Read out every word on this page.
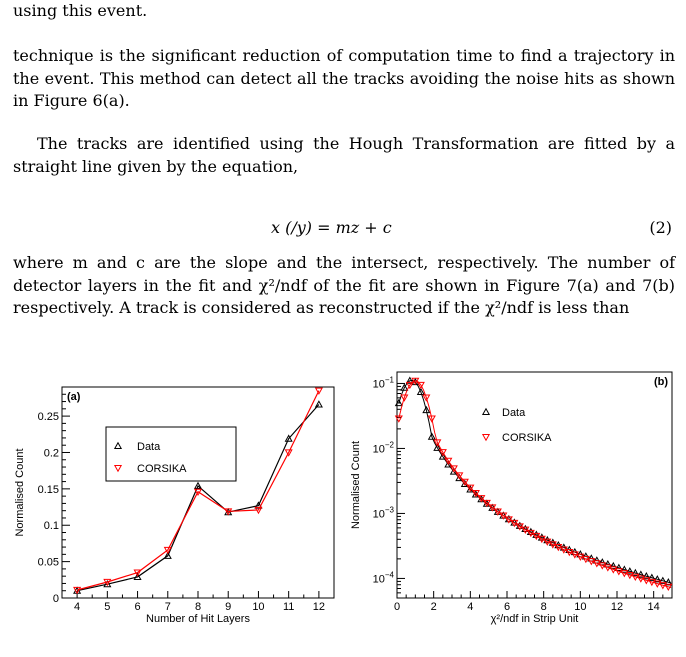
using this event.

technique is the significant reduction of computation time to find a trajectory in the event. This method can detect all the tracks avoiding the noise hits as shown in Figure 6(a).

The tracks are identified using the Hough Transformation are fitted by a straight line given by the equation,

x (/y) = mz + c	(2)

where m and c are the slope and the intersect, respectively. The number of detector layers in the fit and χ²/ndf of the fit are shown in Figure 7(a) and 7(b) respectively. A track is considered as reconstructed if the χ²/ndf is less than

4 5 6 7 8 9 10 11 12
0
0.05
0.1
0.15
0.2
0.25
(a)
Data
CORSIKA
Number of Hit Layers
Normalised Count
0	2	4	6	8 10 12 14
$10^{-1}$
$10^{-2}$
$10^{-3}$
$10^{-4}$
(b)
Data
CORSIKA
χ²/ndf in Strip Unit
Normalised Count
